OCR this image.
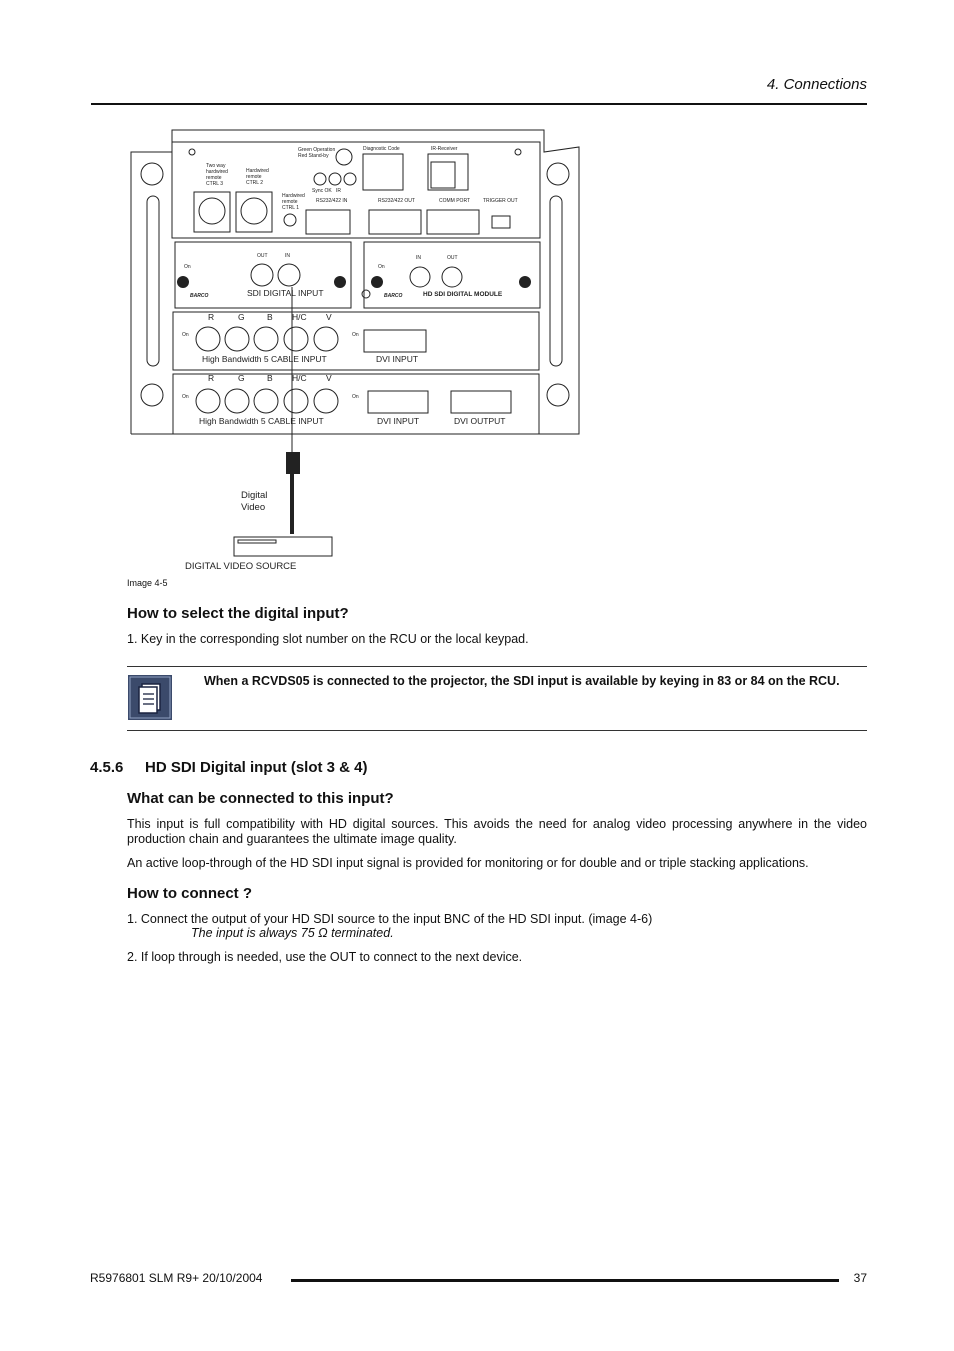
4. Connections
Green Operation
Red Stand-by
Diagnostic Code	IR-Receiver
Two way
hardwired
remote
CTRL 3
Hardwired
remote
CTRL 2
Hardwired
remote
CTRL 1
Sync OK IR
RS232/422 IN	RS232/422 OUT	COMM PORT	TRIGGER OUT
OUT	IN	IN	OUT
On	On
On	On
On	On
BARCO	BARCO
SDI DIGITAL INPUT
R	G	B H/C V
High Bandwidth 5 CABLE INPUT	DVI INPUT
R	G	B H/C V
High Bandwidth 5 CABLE INPUT	DVI INPUT	DVI OUTPUT
Digital
Video
DIGITAL VIDEO SOURCE
HD SDI DIGITAL MODULE
Image 4-5
How to select the digital input?
1. Key in the corresponding slot number on the RCU or the local keypad.
When a RCVDS05 is connected to the projector, the SDI input is available by keying in 83 or 84 on the RCU.
4.5.6 HD SDI Digital input (slot 3 & 4)
What can be connected to this input?
This input is full compatibility with HD digital sources. This avoids the need for analog video processing anywhere in the video production chain and guarantees the ultimate image quality.
An active loop-through of the HD SDI input signal is provided for monitoring or for double and or triple stacking applications.
How to connect ?
1. Connect the output of your HD SDI source to the input BNC of the HD SDI input. (image 4-6)
The input is always 75 Ω terminated.
2. If loop through is needed, use the OUT to connect to the next device.
R5976801 SLM R9+ 20/10/2004	37
